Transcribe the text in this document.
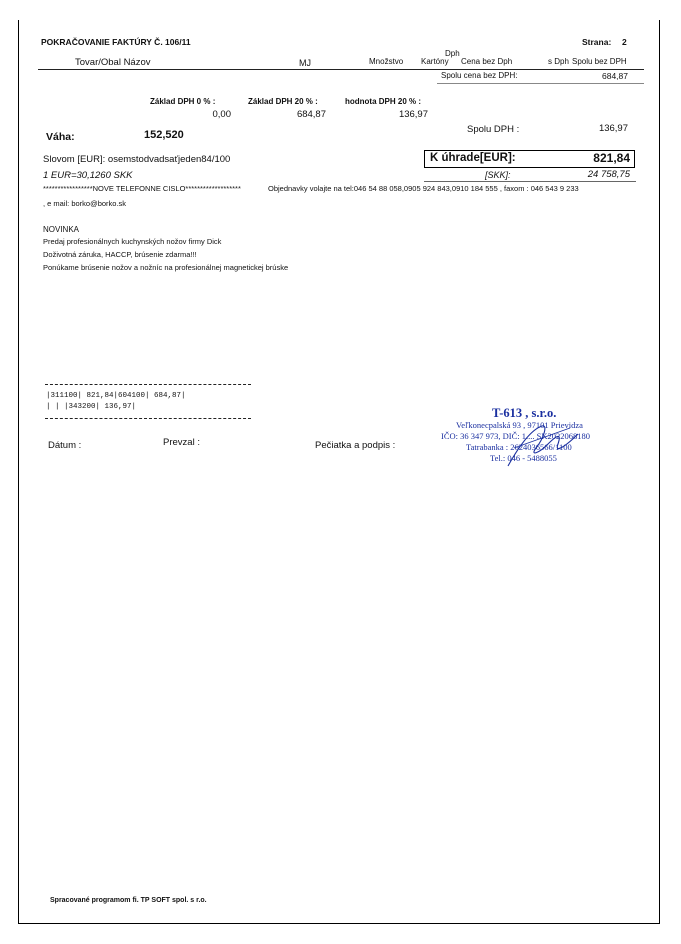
POKRAČOVANIE FAKTÚRY Č. 106/11	Strana: 2
Dph
Tovar/Obal Názov	MJ	Množstvo Kartóny Cena bez Dph	s Dph Spolu bez DPH
Spolu cena bez DPH:	684,87
Základ DPH 0 % :	Základ DPH 20 % :	hodnota DPH 20 % :
0,00	684,87	136,97
Váha:	152,520	Spolu DPH :	136,97
Slovom [EUR]: osemstodvadsaťjeden84/100	K úhrade[EUR]:	821,84
1 EUR=30,1260 SKK	[SKK]:	24 758,75
*****************NOVE TELEFONNE CISLO*******************	Objednavky volajte na tel:046 54 88 058,0905 924 843,0910 184 555 , faxom : 046 543 9 233
, e mail: borko@borko.sk
NOVINKA
Predaj profesionálnych kuchynských nožov firmy Dick
Doživotná záruka, HACCP, brúsenie zdarma!!!
Ponúkame brúsenie nožov a nožníc na profesionálnej magnetickej brúske
|311100| 821,84|604100| 684,87|
| | |343200| 136,97|
Dátum :	Prevzal :	Pečiatka a podpis :
T-613 , s.r.o.
Veľkonecpalská 93 , 97101 Prievidza
IČO: 36 347 973, DIČ: 1.... SK2022068180
Tatrabanka : 2624036566/1100
Tel.: 046 - 5488055
Spracované programom fi. TP SOFT spol. s r.o.
